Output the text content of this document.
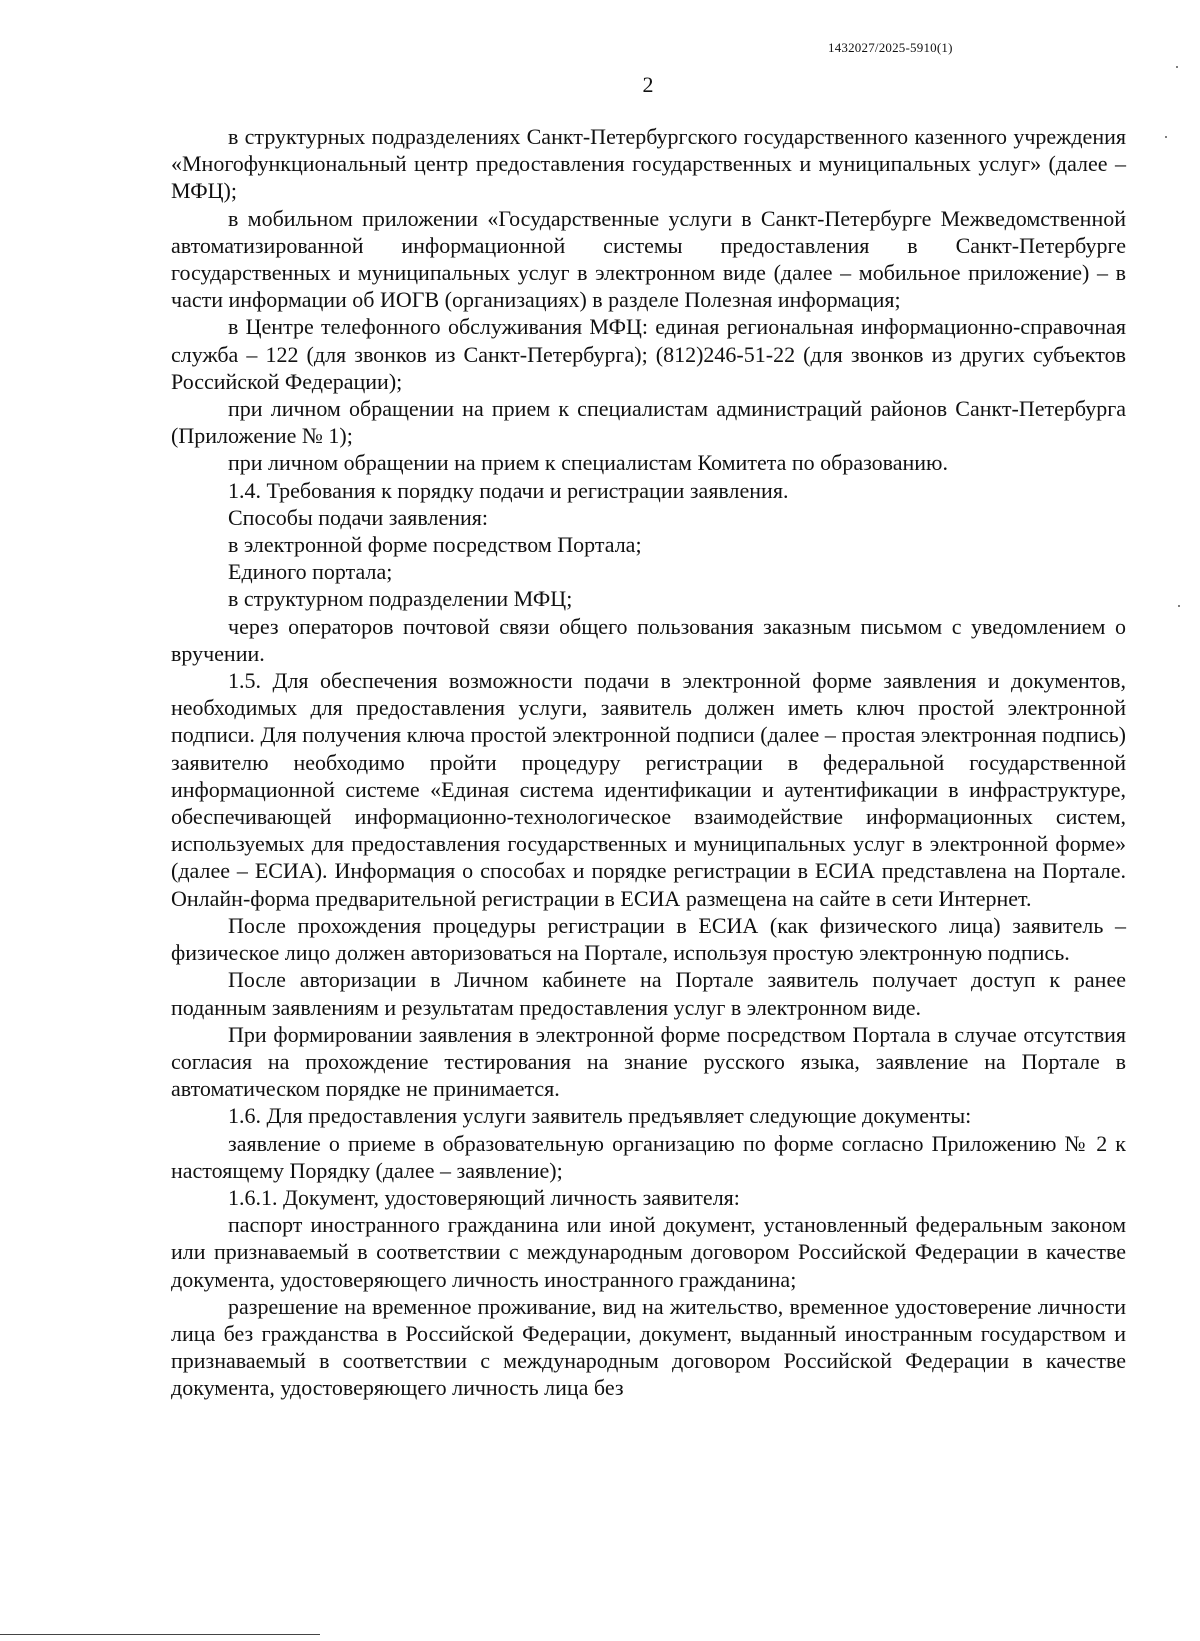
1432027/2025-5910(1)
2

в структурных подразделениях Санкт-Петербургского государственного казенного учреждения «Многофункциональный центр предоставления государственных и муниципальных услуг» (далее – МФЦ);

в мобильном приложении «Государственные услуги в Санкт-Петербурге Межведомственной автоматизированной информационной системы предоставления в Санкт-Петербурге государственных и муниципальных услуг в электронном виде (далее – мобильное приложение) – в части информации об ИОГВ (организациях) в разделе Полезная информация;

в Центре телефонного обслуживания МФЦ: единая региональная информационно-справочная служба – 122 (для звонков из Санкт-Петербурга); (812)246-51-22 (для звонков из других субъектов Российской Федерации);

при личном обращении на прием к специалистам администраций районов Санкт-Петербурга (Приложение № 1);

при личном обращении на прием к специалистам Комитета по образованию.

1.4. Требования к порядку подачи и регистрации заявления.

Способы подачи заявления:

в электронной форме посредством Портала;

Единого портала;

в структурном подразделении МФЦ;

через операторов почтовой связи общего пользования заказным письмом с уведомлением о вручении.

1.5. Для обеспечения возможности подачи в электронной форме заявления и документов, необходимых для предоставления услуги, заявитель должен иметь ключ простой электронной подписи. Для получения ключа простой электронной подписи (далее – простая электронная подпись) заявителю необходимо пройти процедуру регистрации в федеральной государственной информационной системе «Единая система идентификации и аутентификации в инфраструктуре, обеспечивающей информационно-технологическое взаимодействие информационных систем, используемых для предоставления государственных и муниципальных услуг в электронной форме» (далее – ЕСИА). Информация о способах и порядке регистрации в ЕСИА представлена на Портале. Онлайн-форма предварительной регистрации в ЕСИА размещена на сайте в сети Интернет.

После прохождения процедуры регистрации в ЕСИА (как физического лица) заявитель – физическое лицо должен авторизоваться на Портале, используя простую электронную подпись.

После авторизации в Личном кабинете на Портале заявитель получает доступ к ранее поданным заявлениям и результатам предоставления услуг в электронном виде.

При формировании заявления в электронной форме посредством Портала в случае отсутствия согласия на прохождение тестирования на знание русского языка, заявление на Портале в автоматическом порядке не принимается.

1.6. Для предоставления услуги заявитель предъявляет следующие документы:

заявление о приеме в образовательную организацию по форме согласно Приложению № 2 к настоящему Порядку (далее – заявление);

1.6.1. Документ, удостоверяющий личность заявителя:

паспорт иностранного гражданина или иной документ, установленный федеральным законом или признаваемый в соответствии с международным договором Российской Федерации в качестве документа, удостоверяющего личность иностранного гражданина;

разрешение на временное проживание, вид на жительство, временное удостоверение личности лица без гражданства в Российской Федерации, документ, выданный иностранным государством и признаваемый в соответствии с международным договором Российской Федерации в качестве документа, удостоверяющего личность лица без
